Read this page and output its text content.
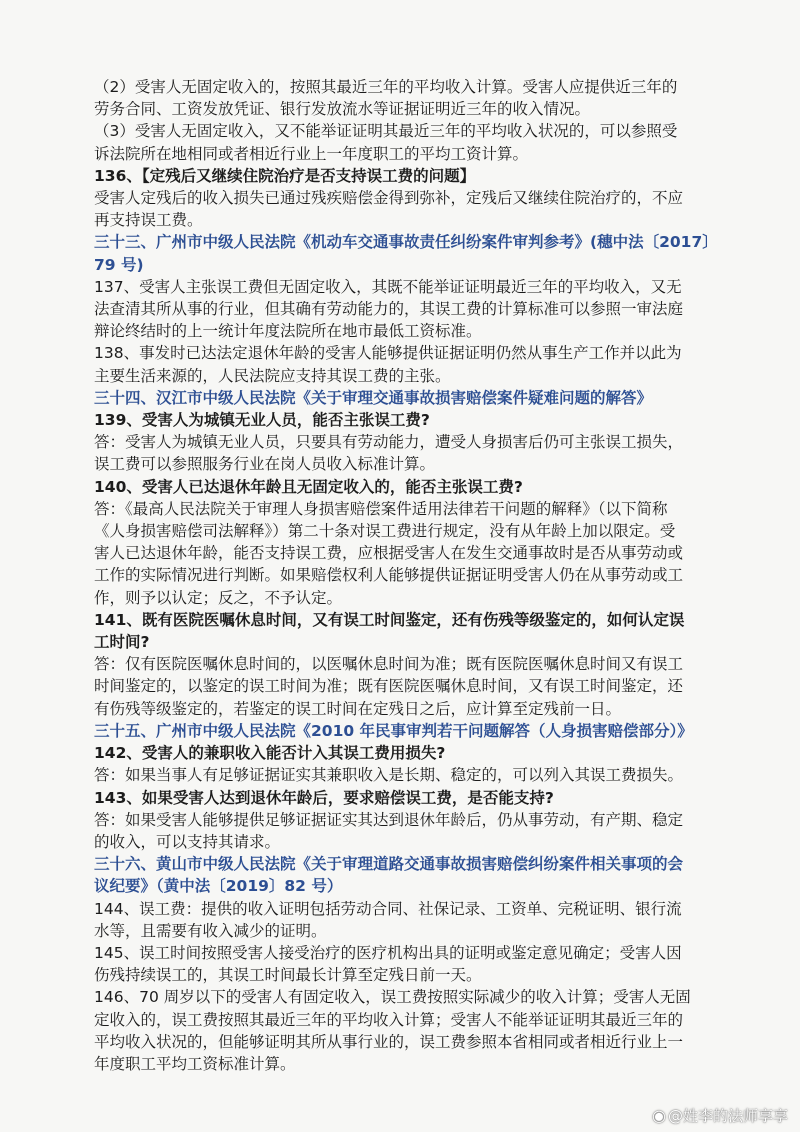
（2）受害人无固定收入的，按照其最近三年的平均收入计算。受害人应提供近三年的

劳务合同、工资发放凭证、银行发放流水等证据证明近三年的收入情况。

（3）受害人无固定收入，又不能举证证明其最近三年的平均收入状况的，可以参照受

诉法院所在地相同或者相近行业上一年度职工的平均工资计算。

136、【定残后又继续住院治疗是否支持误工费的问题】

受害人定残后的收入损失已通过残疾赔偿金得到弥补，定残后又继续住院治疗的，不应

再支持误工费。

三十三、广州市中级人民法院《机动车交通事故责任纠纷案件审判参考》(穗中法〔2017〕

79 号)

137、受害人主张误工费但无固定收入，其既不能举证证明最近三年的平均收入，又无

法查清其所从事的行业，但其确有劳动能力的，其误工费的计算标准可以参照一审法庭

辩论终结时的上一统计年度法院所在地市最低工资标准。

138、事发时已达法定退休年龄的受害人能够提供证据证明仍然从事生产工作并以此为

主要生活来源的，人民法院应支持其误工费的主张。

三十四、汉江市中级人民法院《关于审理交通事故损害赔偿案件疑难问题的解答》

139、受害人为城镇无业人员，能否主张误工费?

答：受害人为城镇无业人员，只要具有劳动能力，遭受人身损害后仍可主张误工损失，

误工费可以参照服务行业在岗人员收入标准计算。

140、受害人已达退休年龄且无固定收入的，能否主张误工费?

答：《最高人民法院关于审理人身损害赔偿案件适用法律若干问题的解释》（以下简称

《人身损害赔偿司法解释》）第二十条对误工费进行规定，没有从年龄上加以限定。受

害人已达退休年龄，能否支持误工费，应根据受害人在发生交通事故时是否从事劳动或

工作的实际情况进行判断。如果赔偿权利人能够提供证据证明受害人仍在从事劳动或工

作，则予以认定；反之，不予认定。

141、既有医院医嘱休息时间，又有误工时间鉴定，还有伤残等级鉴定的，如何认定误

工时间?

答：仅有医院医嘱休息时间的，以医嘱休息时间为准；既有医院医嘱休息时间又有误工

时间鉴定的，以鉴定的误工时间为准；既有医院医嘱休息时间，又有误工时间鉴定，还

有伤残等级鉴定的，若鉴定的误工时间在定残日之后，应计算至定残前一日。

三十五、广州市中级人民法院《2010 年民事审判若干问题解答（人身损害赔偿部分）》

142、受害人的兼职收入能否计入其误工费用损失?

答：如果当事人有足够证据证实其兼职收入是长期、稳定的，可以列入其误工费损失。

143、如果受害人达到退休年龄后，要求赔偿误工费，是否能支持?

答：如果受害人能够提供足够证据证实其达到退休年龄后，仍从事劳动，有产期、稳定

的收入，可以支持其请求。

三十六、黄山市中级人民法院《关于审理道路交通事故损害赔偿纠纷案件相关事项的会

议纪要》（黄中法〔2019〕82 号）

144、误工费：提供的收入证明包括劳动合同、社保记录、工资单、完税证明、银行流

水等，且需要有收入减少的证明。

145、误工时间按照受害人接受治疗的医疗机构出具的证明或鉴定意见确定；受害人因

伤残持续误工的，其误工时间最长计算至定残日前一天。

146、70 周岁以下的受害人有固定收入，误工费按照实际减少的收入计算；受害人无固

定收入的，误工费按照其最近三年的平均收入计算；受害人不能举证证明其最近三年的

平均收入状况的，但能够证明其所从事行业的，误工费参照本省相同或者相近行业上一

年度职工平均工资标准计算。

◉ @姓李的法师享享
